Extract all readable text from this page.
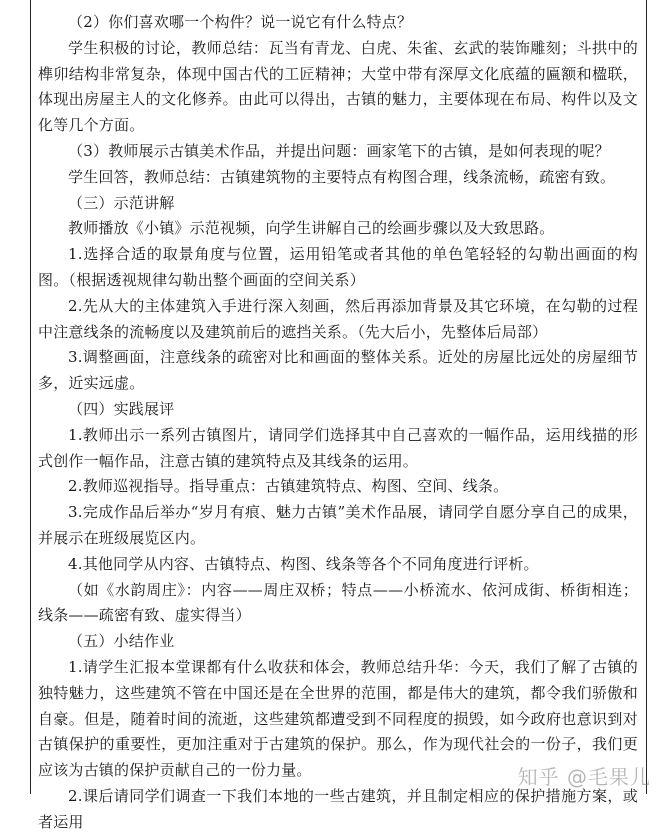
（2）你们喜欢哪一个构件？说一说它有什么特点？

学生积极的讨论，教师总结：瓦当有青龙、白虎、朱雀、玄武的装饰雕刻；斗拱中的榫卯结构非常复杂，体现中国古代的工匠精神；大堂中带有深厚文化底蕴的匾额和楹联，体现出房屋主人的文化修养。由此可以得出，古镇的魅力，主要体现在布局、构件以及文化等几个方面。

（3）教师展示古镇美术作品，并提出问题：画家笔下的古镇，是如何表现的呢？

学生回答，教师总结：古镇建筑物的主要特点有构图合理，线条流畅，疏密有致。

（三）示范讲解

教师播放《小镇》示范视频，向学生讲解自己的绘画步骤以及大致思路。

1.选择合适的取景角度与位置，运用铅笔或者其他的单色笔轻轻的勾勒出画面的构图。（根据透视规律勾勒出整个画面的空间关系）

2.先从大的主体建筑入手进行深入刻画，然后再添加背景及其它环境，在勾勒的过程中注意线条的流畅度以及建筑前后的遮挡关系。（先大后小，先整体后局部）

3.调整画面，注意线条的疏密对比和画面的整体关系。近处的房屋比远处的房屋细节多，近实远虚。

（四）实践展评

1.教师出示一系列古镇图片，请同学们选择其中自己喜欢的一幅作品，运用线描的形式创作一幅作品，注意古镇的建筑特点及其线条的运用。

2.教师巡视指导。指导重点：古镇建筑特点、构图、空间、线条。

3.完成作品后举办“岁月有痕、魅力古镇”美术作品展，请同学自愿分享自己的成果，并展示在班级展览区内。

4.其他同学从内容、古镇特点、构图、线条等各个不同角度进行评析。

（如《水韵周庄》：内容——周庄双桥；特点——小桥流水、依河成街、桥街相连；线条——疏密有致、虚实得当）

（五）小结作业

1.请学生汇报本堂课都有什么收获和体会，教师总结升华：今天，我们了解了古镇的独特魅力，这些建筑不管在中国还是在全世界的范围，都是伟大的建筑，都令我们骄傲和自豪。但是，随着时间的流逝，这些建筑都遭受到不同程度的损毁，如今政府也意识到对古镇保护的重要性，更加注重对于古建筑的保护。那么，作为现代社会的一份子，我们更应该为古镇的保护贡献自己的一份力量。

2.课后请同学们调查一下我们本地的一些古建筑，并且制定相应的保护措施方案，或者运用

知乎 @毛果儿
